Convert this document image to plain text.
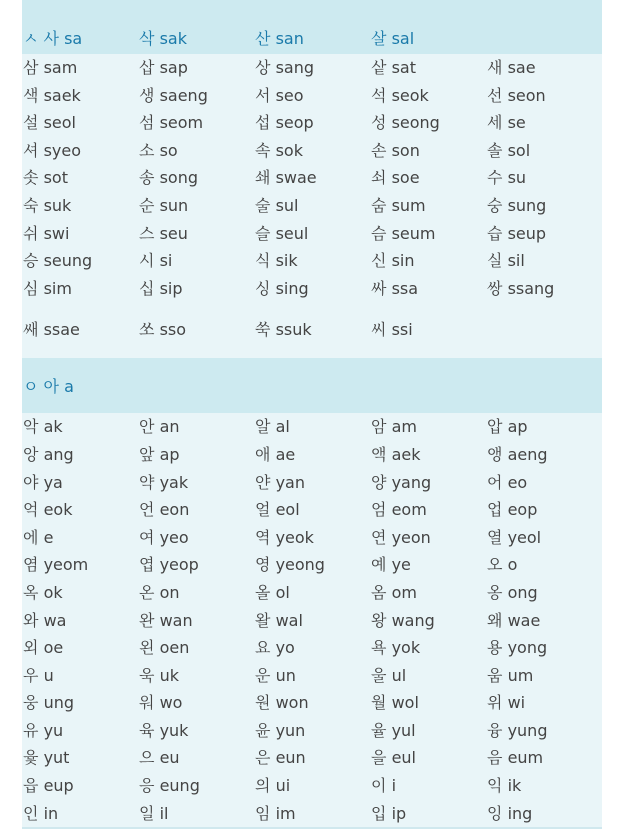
ㅅ 사 sa	삭 sak	산 san	살 sal
삼 sam	삽 sap	상 sang	샅 sat	새 sae
색 saek	생 saeng	서 seo	석 seok	선 seon
설 seol	섬 seom	섭 seop	성 seong	세 se
셔 syeo	소 so	속 sok	손 son	솔 sol
솟 sot	송 song	쇄 swae	쇠 soe	수 su
숙 suk	순 sun	술 sul	숨 sum	숭 sung
쉬 swi	스 seu	슬 seul	슴 seum	습 seup
승 seung	시 si	식 sik	신 sin	실 sil
심 sim	십 sip	싱 sing	싸 ssa	쌍 ssang
쌔 ssae	쏘 sso	쑥 ssuk	씨 ssi
ㅇ 아 a
악 ak	안 an	알 al	암 am	압 ap
앙 ang	앞 ap	애 ae	액 aek	앵 aeng
야 ya	약 yak	얀 yan	양 yang	어 eo
억 eok	언 eon	얼 eol	엄 eom	업 eop
에 e	여 yeo	역 yeok	연 yeon	열 yeol
염 yeom	엽 yeop	영 yeong	예 ye	오 o
옥 ok	온 on	올 ol	옴 om	옹 ong
와 wa	완 wan	왈 wal	왕 wang	왜 wae
외 oe	왼 oen	요 yo	욕 yok	용 yong
우 u	욱 uk	운 un	울 ul	움 um
웅 ung	워 wo	원 won	월 wol	위 wi
유 yu	육 yuk	윤 yun	율 yul	융 yung
윷 yut	으 eu	은 eun	을 eul	음 eum
읍 eup	응 eung	의 ui	이 i	익 ik
인 in	일 il	임 im	입 ip	잉 ing
